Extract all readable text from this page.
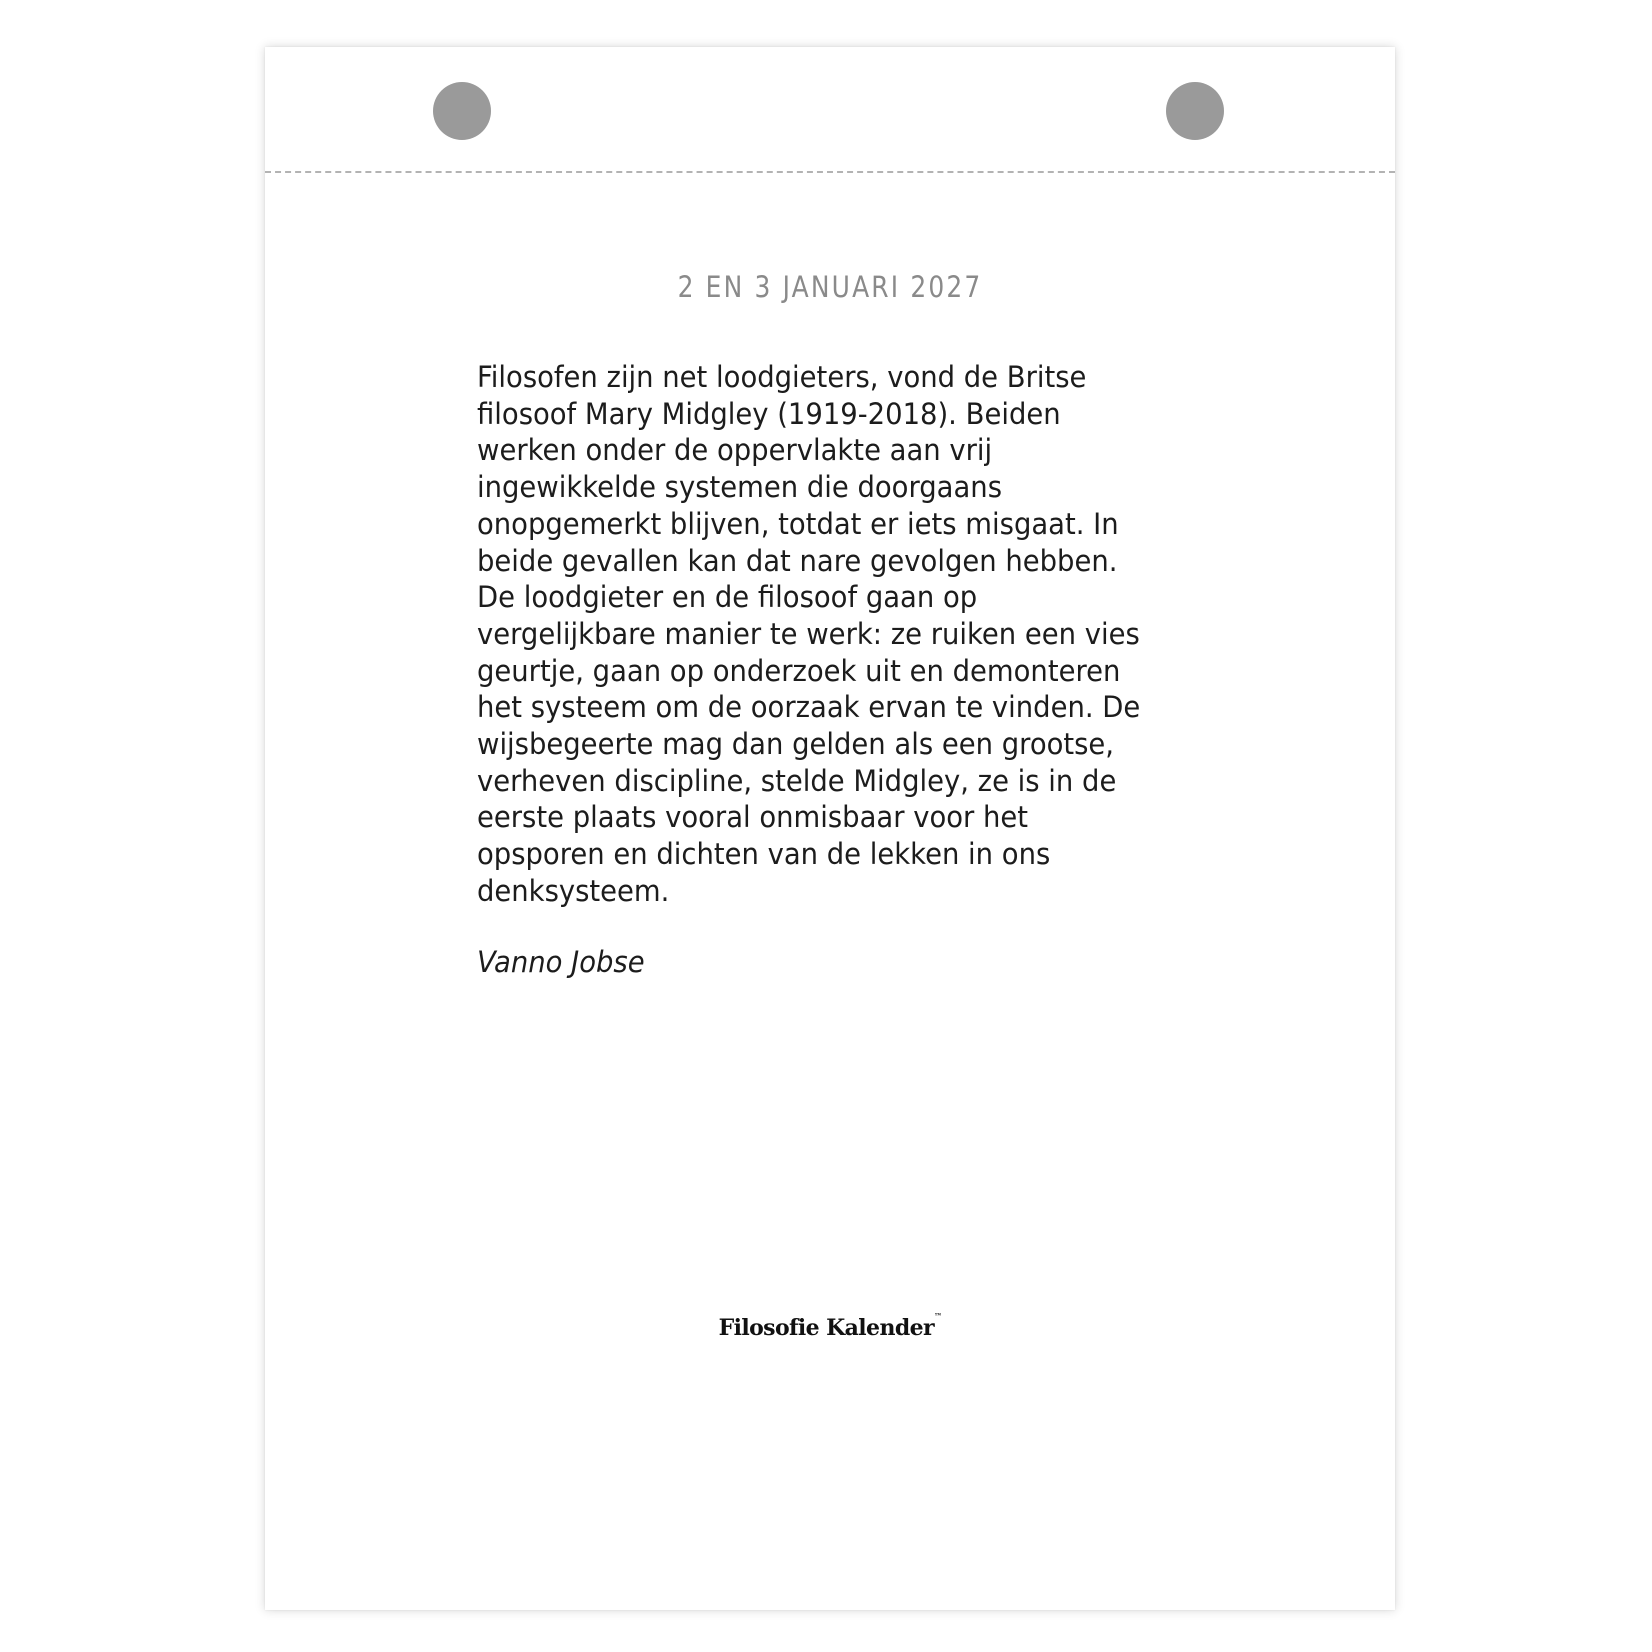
2 EN 3 JANUARI 2027

Filosofen zijn net loodgieters, vond de Britse
filosoof Mary Midgley (1919-2018). Beiden
werken onder de oppervlakte aan vrij
ingewikkelde systemen die doorgaans
onopgemerkt blijven, totdat er iets misgaat. In
beide gevallen kan dat nare gevolgen hebben.
De loodgieter en de filosoof gaan op
vergelijkbare manier te werk: ze ruiken een vies
geurtje, gaan op onderzoek uit en demonteren
het systeem om de oorzaak ervan te vinden. De
wijsbegeerte mag dan gelden als een grootse,
verheven discipline, stelde Midgley, ze is in de
eerste plaats vooral onmisbaar voor het
opsporen en dichten van de lekken in ons
denksysteem.

Vanno Jobse
Filosofie Kalender™
